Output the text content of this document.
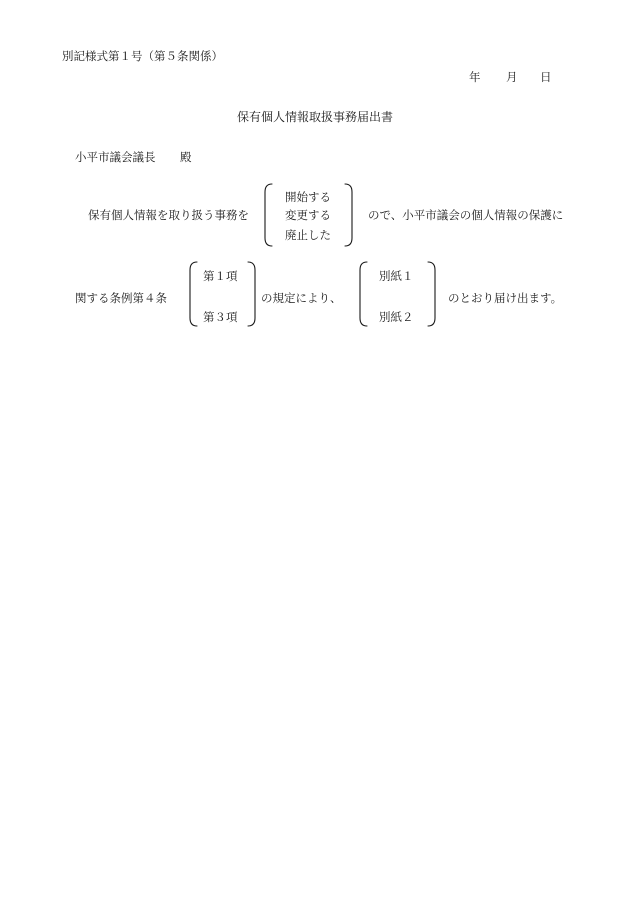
別記様式第１号（第５条関係）
年 月 日
保有個人情報取扱事務届出書
小平市議会議長 殿
保有個人情報を取り扱う事務を
開始する
変更する
廃止した
ので、小平市議会の個人情報の保護に
関する条例第４条
第１項
第３項
の規定により、
別紙１
別紙２
のとおり届け出ます。
